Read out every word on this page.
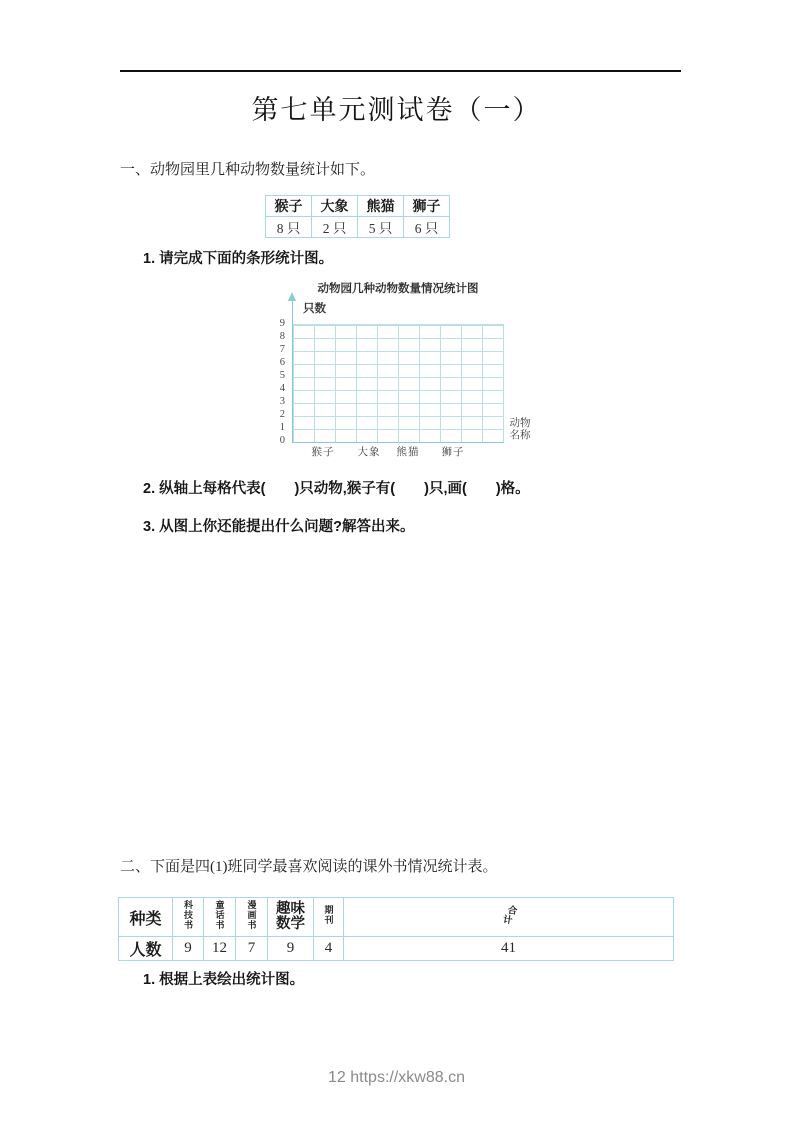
第七单元测试卷（一）
一、动物园里几种动物数量统计如下。
猴子	大象	熊猫	狮子
8 只	2 只	5 只	6 只
1. 请完成下面的条形统计图。
动物园几种动物数量情况统计图
只数
9
8
7
6
5
4
3
2
1
0
猴子	大象	熊猫	狮子
动物名称
2. 纵轴上每格代表(　　)只动物,猴子有(　　)只,画(　　)格。
3. 从图上你还能提出什么问题?解答出来。
二、下面是四(1)班同学最喜欢阅读的课外书情况统计表。
种类	科技书	童话书	漫画书	趣味数学	期刊	合
计

人数	9	12	7	9	4	41
1. 根据上表绘出统计图。
12 https://xkw88.cn
